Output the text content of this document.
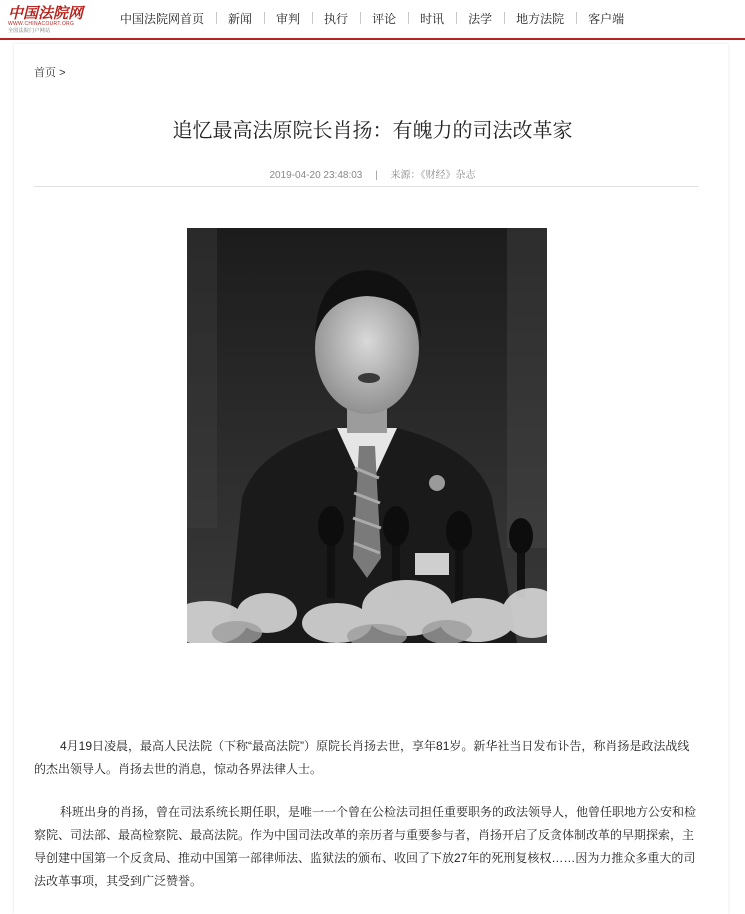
中国法院网
WWW.CHINACOURT.ORG
全国法院门户网站
中国法院网首页	新闻	审判	执行	评论	时讯	法学	地方法院	客户端
首页 >
追忆最高法原院长肖扬：有魄力的司法改革家
2019-04-20 23:48:03 | 来源：《财经》杂志

4月19日凌晨，最高人民法院（下称“最高法院”）原院长肖扬去世，享年81岁。新华社当日发布讣告，称肖扬是政法战线的杰出领导人。肖扬去世的消息，惊动各界法律人士。

科班出身的肖扬，曾在司法系统长期任职，是唯一一个曾在公检法司担任重要职务的政法领导人，他曾任职地方公安和检察院、司法部、最高检察院、最高法院。作为中国司法改革的亲历者与重要参与者，肖扬开启了反贪体制改革的早期探索，主导创建中国第一个反贪局、推动中国第一部律师法、监狱法的颁布、收回了下放27年的死刑复核权……因为力推众多重大的司法改革事项，其受到广泛赞誉。
